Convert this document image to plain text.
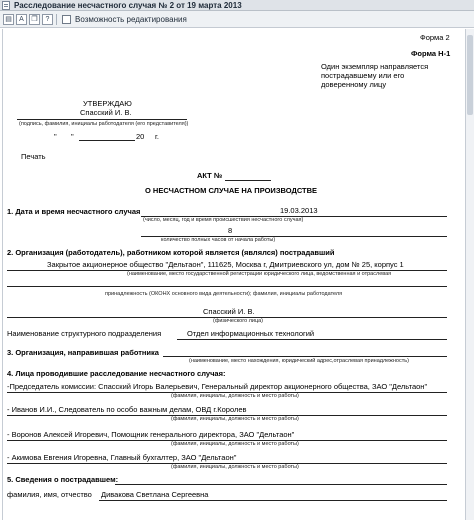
Расследование несчастного случая № 2 от 19 марта 2013
▤	A	❐	?	Возможность редактирования
Форма 2
Форма Н-1
Один экземпляр направляется
пострадавшему или его
доверенному лицу
УТВЕРЖДАЮ
Спасский И. В.
(подпись, фамилия, инициалы работодателя (его представителя))
" "	20 г.
Печать
АКТ №
О НЕСЧАСТНОМ СЛУЧАЕ НА ПРОИЗВОДСТВЕ
1. Дата и время несчастного случая	19.03.2013
(число, месяц, год и время происшествия несчастного случая)
8
количество полных часов от начала работы)
2. Организация (работодатель), работником которой является (являлся) пострадавший
Закрытое акционерное общество "Дельтаон", 111625, Москва г, Дмитриевского ул, дом № 25, корпус 1
(наименование, место государственной регистрации юридического лица, ведомственная и отраслевая
принадлежность (ОКОНХ основного вида деятельности); фамилия, инициалы работодателя
Спасский И. В.
(физического лица)
Наименование структурного подразделения	Отдел информационных технологий
3. Организация, направившая работника
(наименование, место нахождения, юридический адрес,отраслевая принадлежность)
4. Лица проводившие расследование несчастного случая:
-Председатель комиссии: Спасский Игорь Валерьевич, Генеральный директор акционерного общества, ЗАО "Дельтаон"
(фамилия, инициалы, должность и место работы)
- Иванов И.И., Следователь по особо важным делам, ОВД г.Королев
(фамилия, инициалы, должность и место работы)
- Воронов Алексей Игоревич, Помощник генерального директора, ЗАО "Дельтаон"
(фамилия, инициалы, должность и место работы)
- Акимова Евгения Игоревна, Главный бухгалтер, ЗАО "Дельтаон"
(фамилия, инициалы, должность и место работы)
5. Сведения о пострадавшем:
фамилия, имя, отчество Дивакова Светлана Сергеевна
